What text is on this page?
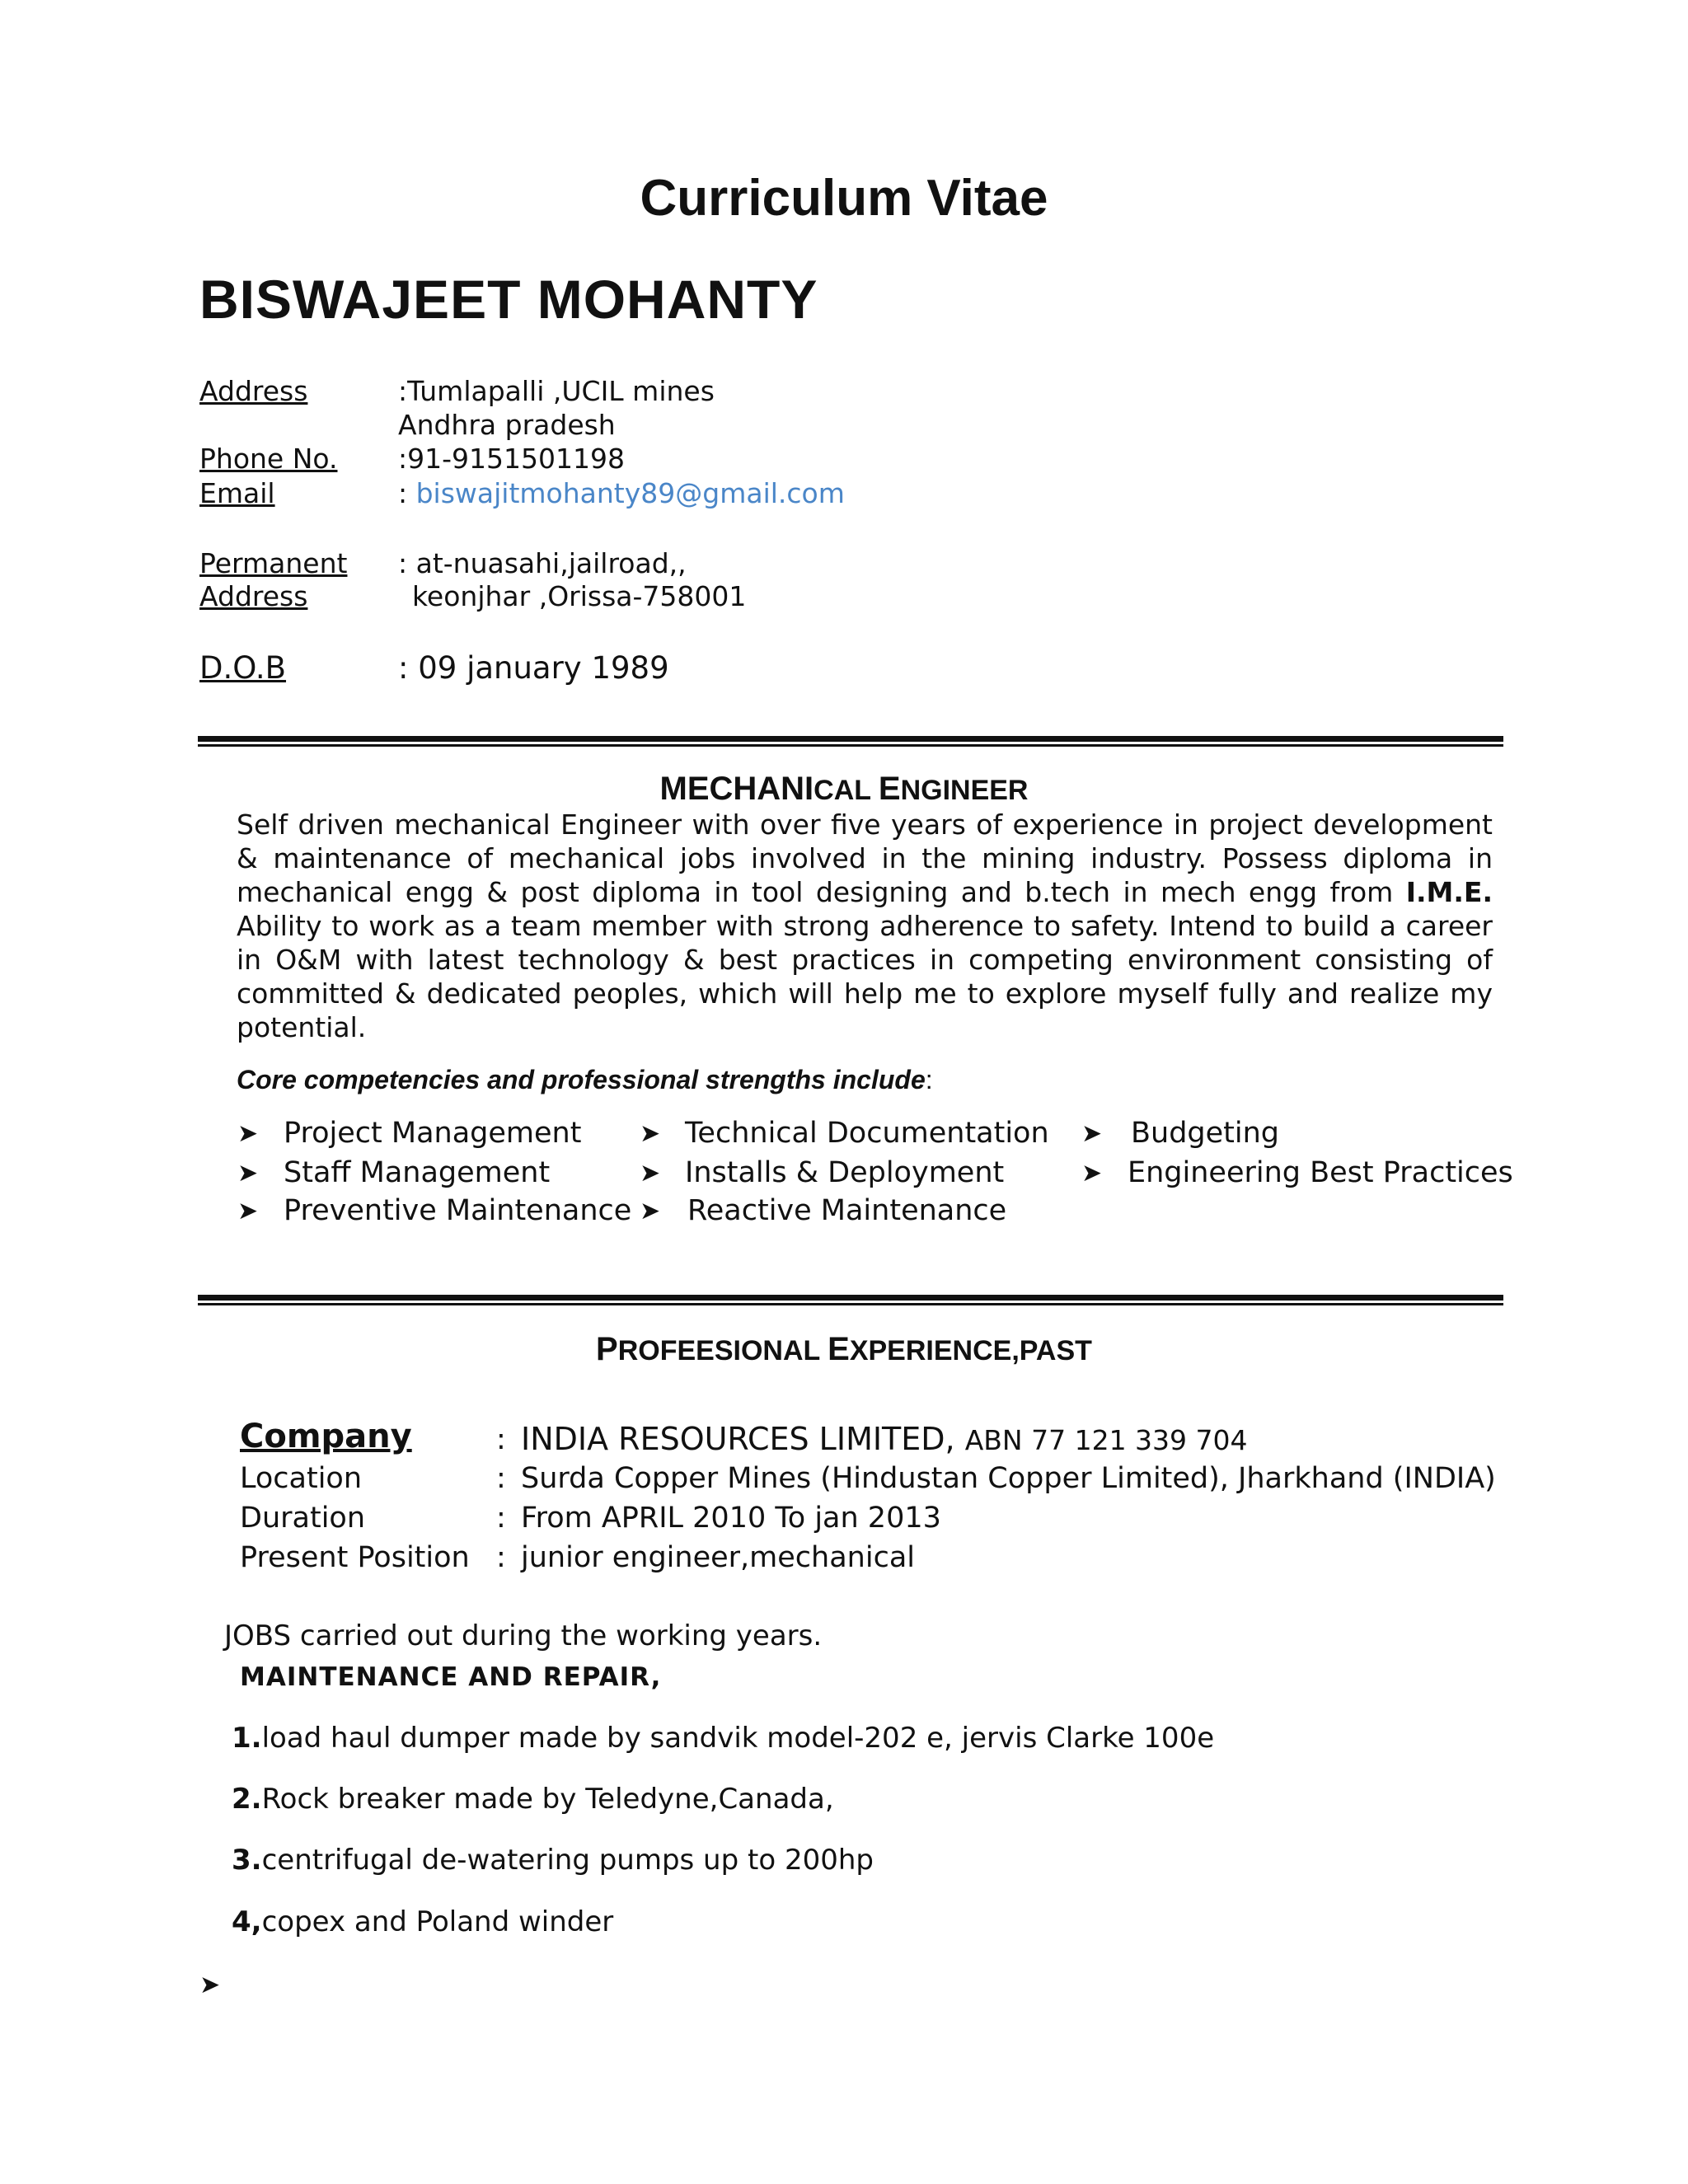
Curriculum Vitae
BISWAJEET MOHANTY
Address	:Tumlapalli ,UCIL mines
Andhra pradesh
Phone No. :91-9151501198
Email	: biswajitmohanty89@gmail.com
Permanent
Address
: at-nuasahi,jailroad,,
keonjhar ,Orissa-758001
D.O.B	: 09 january 1989
MECHANICAL ENGINEER
Self driven mechanical Engineer with over five years of experience in project development & maintenance of mechanical jobs involved in the mining industry. Possess diploma in mechanical engg & post diploma in tool designing and b.tech in mech engg from I.M.E. Ability to work as a team member with strong adherence to safety. Intend to build a career in O&M with latest technology & best practices in competing environment consisting of committed & dedicated peoples, which will help me to explore myself fully and realize my potential.
Core competencies and professional strengths include:
➤ Project Management
➤ Staff Management
➤ Preventive Maintenance
➤ Technical Documentation
➤ Installs & Deployment
➤ Reactive Maintenance
➤ Budgeting
➤ Engineering Best Practices
PROFEESIONAL EXPERIENCE,PAST
Company	: INDIA RESOURCES LIMITED, ABN 77 121 339 704
Location	: Surda Copper Mines (Hindustan Copper Limited), Jharkhand (INDIA)
Duration	: From APRIL 2010 To jan 2013
Present Position : junior engineer,mechanical
JOBS carried out during the working years.
MAINTENANCE AND REPAIR,
1.load haul dumper made by sandvik model-202 e, jervis Clarke 100e
2.Rock breaker made by Teledyne,Canada,
3.centrifugal de-watering pumps up to 200hp
4,copex and Poland winder
➤
